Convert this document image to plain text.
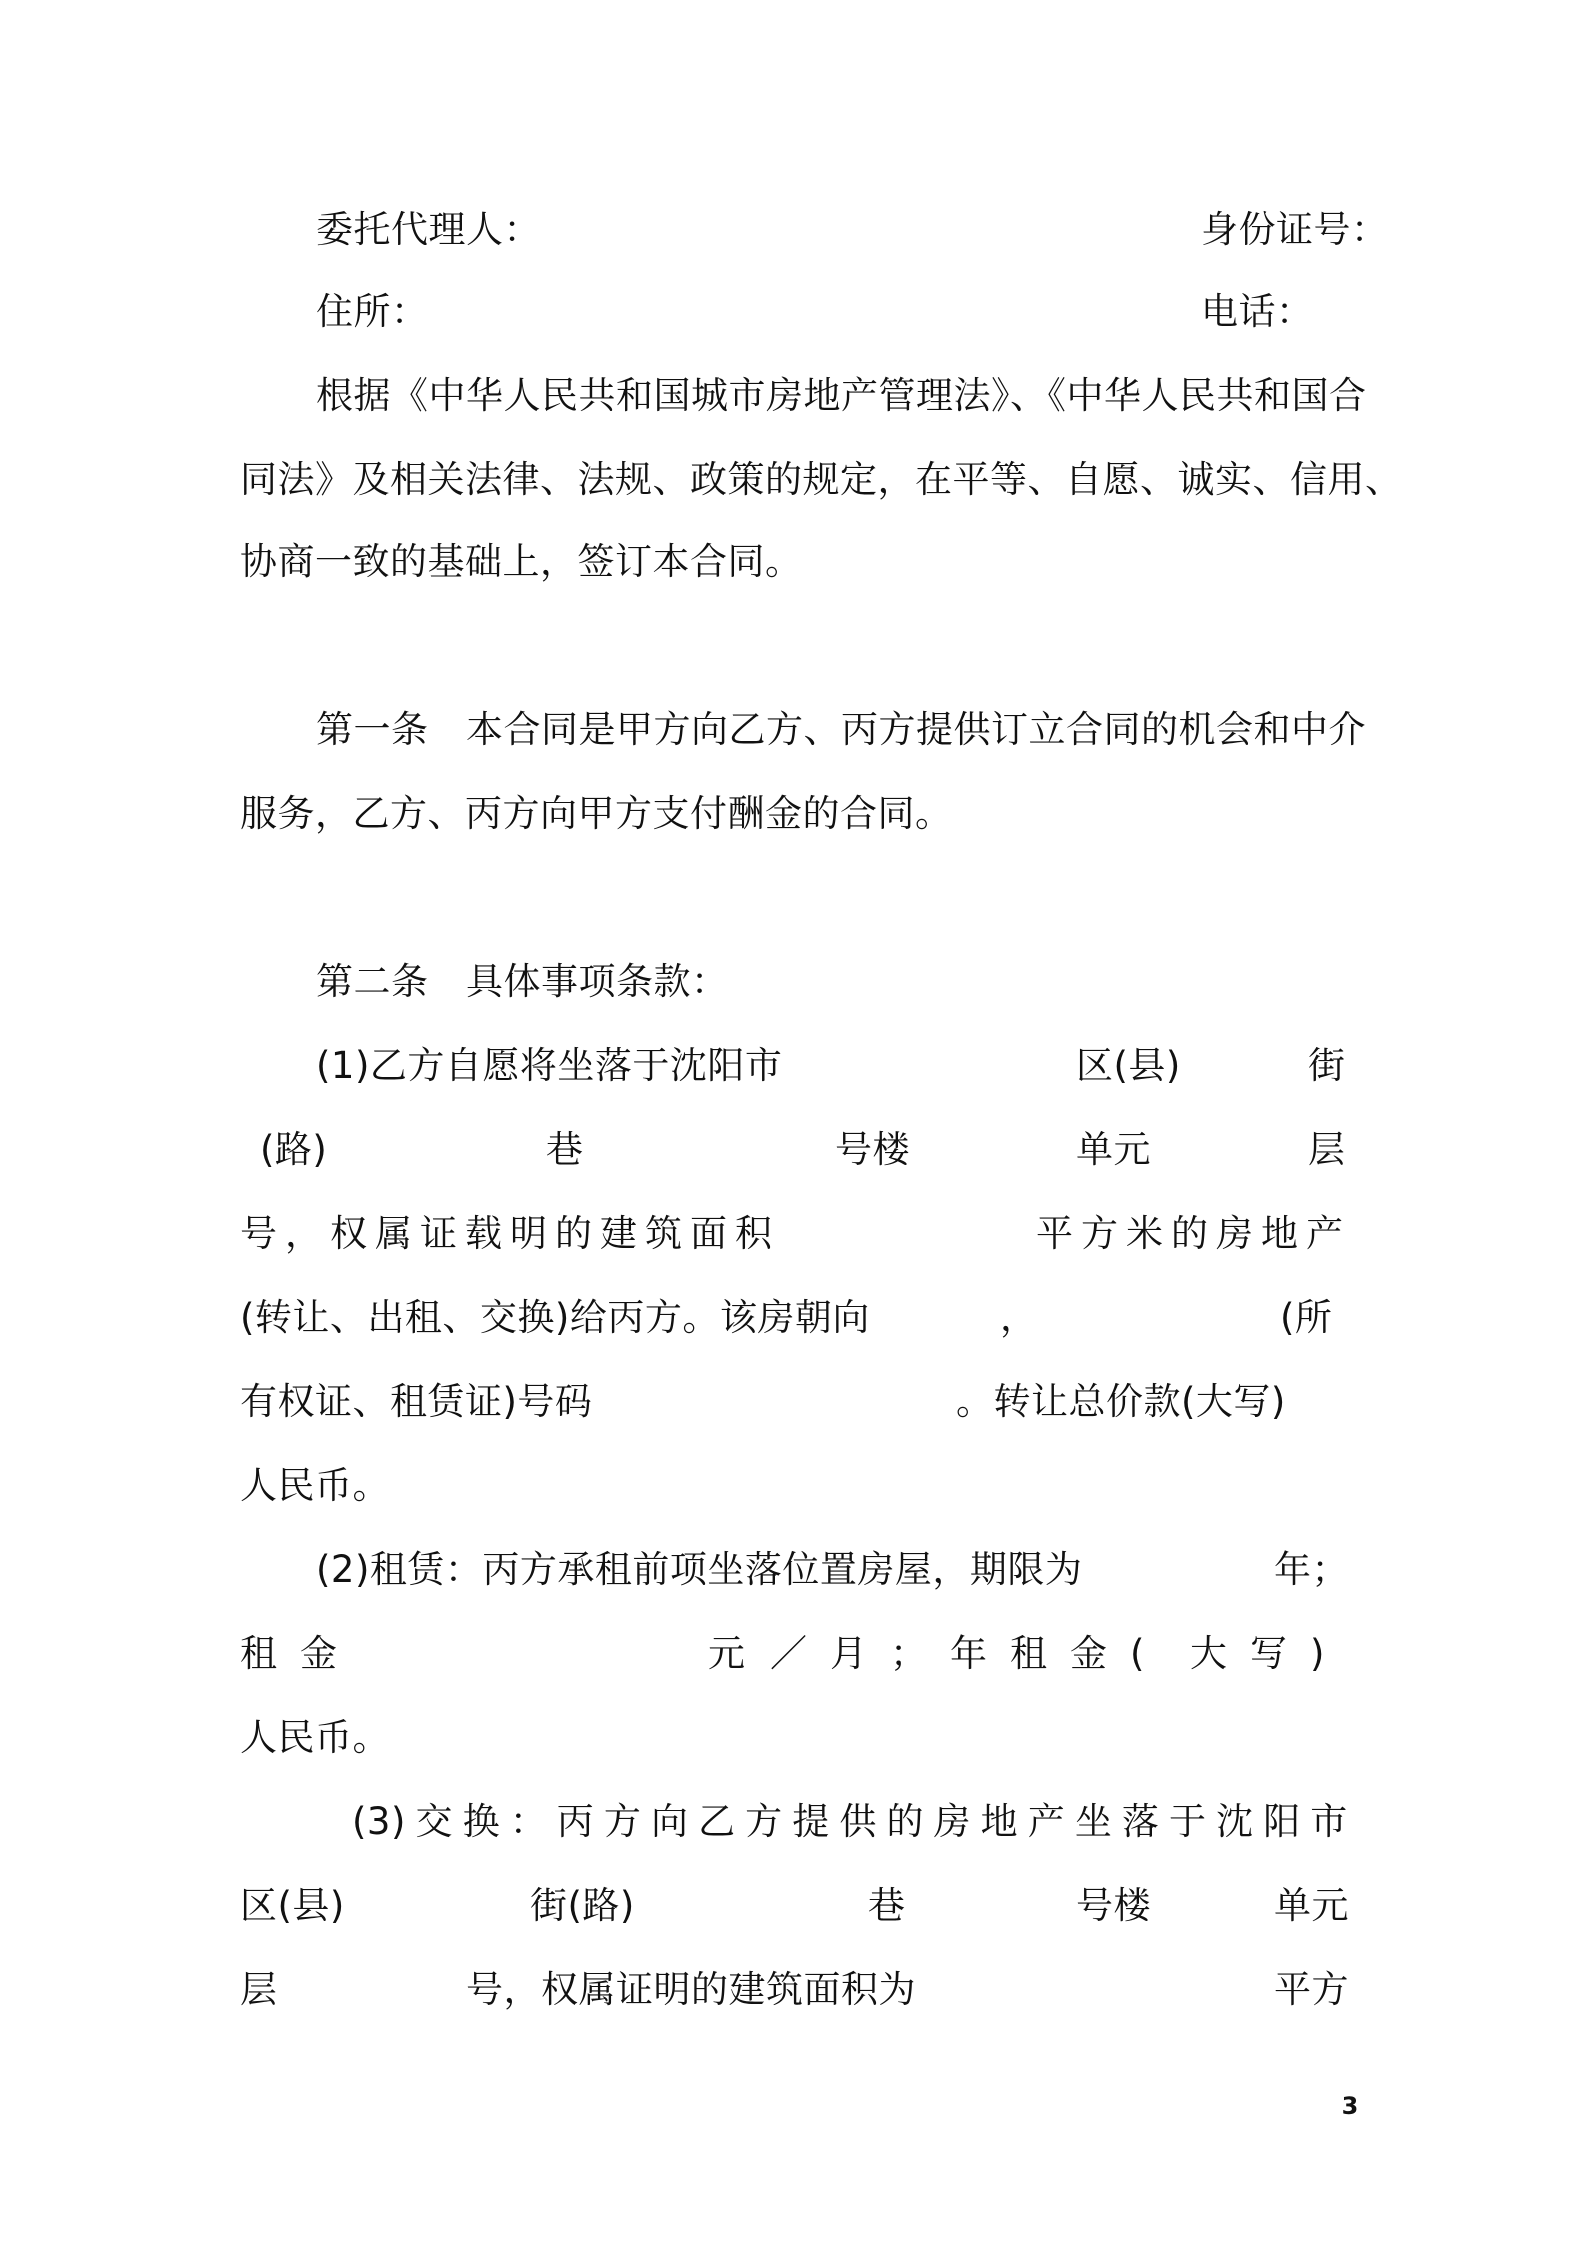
委托代理人：	身份证号：
住所：	电话：
根据《中华人民共和国城市房地产管理法》、《中华人民共和国合
同法》及相关法律、法规、政策的规定，在平等、自愿、诚实、信用、
协商一致的基础上，签订本合同。
第一条　本合同是甲方向乙方、丙方提供订立合同的机会和中介
服务，乙方、丙方向甲方支付酬金的合同。
第二条　具体事项条款：
(1)乙方自愿将坐落于沈阳市	区(县)	街
(路)	巷	号楼	单元	层
号，权属证载明的建筑面积	平方米的房地产
(转让、出租、交换)给丙方。该房朝向	，	(所
有权证、租赁证)号码	。转让总价款(大写)
人民币。
(2)租赁：丙方承租前项坐落位置房屋，期限为	年；
租 金	元 ／ 月 ； 年 租 金 ( 大 写 )
人民币。
(3) 交 换 ： 丙 方 向 乙 方 提 供 的 房 地 产 坐 落 于 沈 阳 市
区(县)	街(路)	巷	号楼	单元
层	号，权属证明的建筑面积为	平方
3
